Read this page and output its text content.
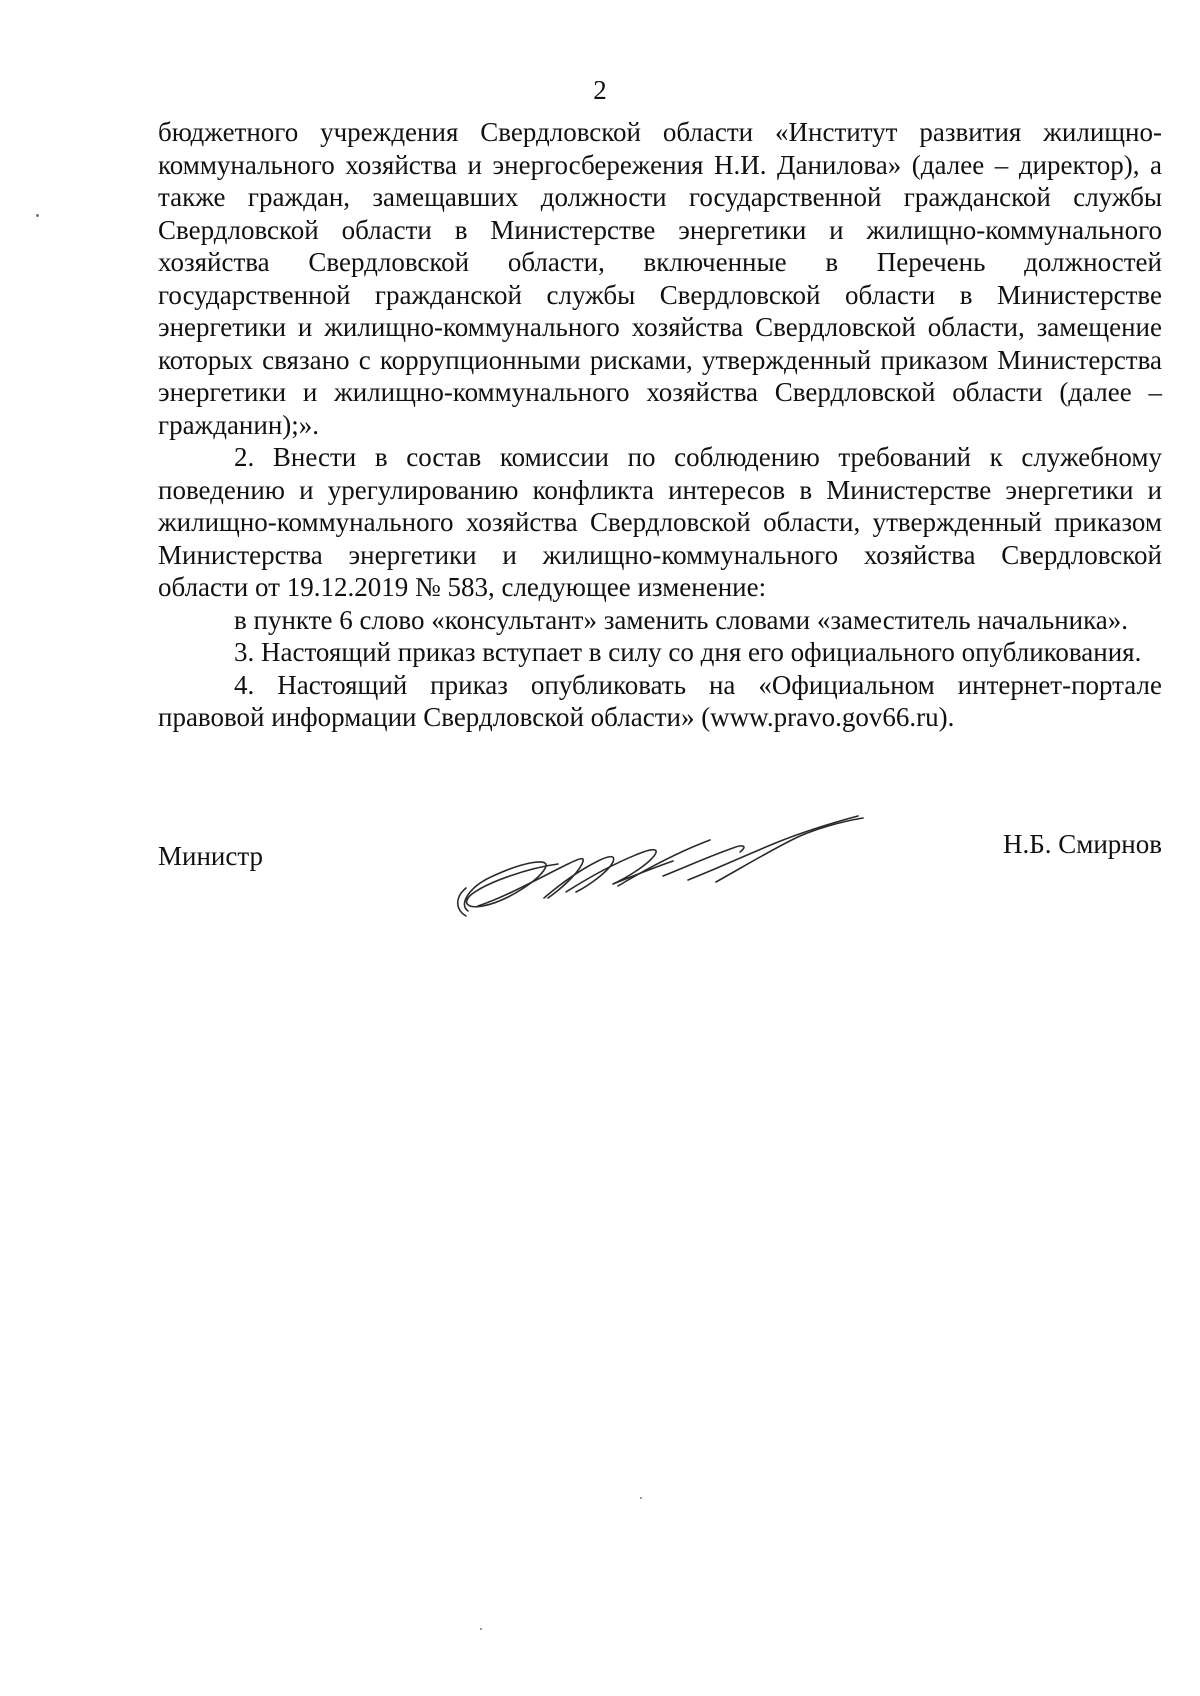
2

бюджетного учреждения Свердловской области «Институт развития жилищно-коммунального хозяйства и энергосбережения Н.И. Данилова» (далее – директор), а также граждан, замещавших должности государственной гражданской службы Свердловской области в Министерстве энергетики и жилищно-коммунального хозяйства Свердловской области, включенные в Перечень должностей государственной гражданской службы Свердловской области в Министерстве энергетики и жилищно-коммунального хозяйства Свердловской области, замещение которых связано с коррупционными рисками, утвержденный приказом Министерства энергетики и жилищно-коммунального хозяйства Свердловской области (далее – гражданин);».

2. Внести в состав комиссии по соблюдению требований к служебному поведению и урегулированию конфликта интересов в Министерстве энергетики и жилищно-коммунального хозяйства Свердловской области, утвержденный приказом Министерства энергетики и жилищно-коммунального хозяйства Свердловской области от 19.12.2019 № 583, следующее изменение:

в пункте 6 слово «консультант» заменить словами «заместитель начальника».

3. Настоящий приказ вступает в силу со дня его официального опубликования.

4. Настоящий приказ опубликовать на «Официальном интернет-портале правовой информации Свердловской области» (www.pravo.gov66.ru).

Министр	Н.Б. Смирнов
